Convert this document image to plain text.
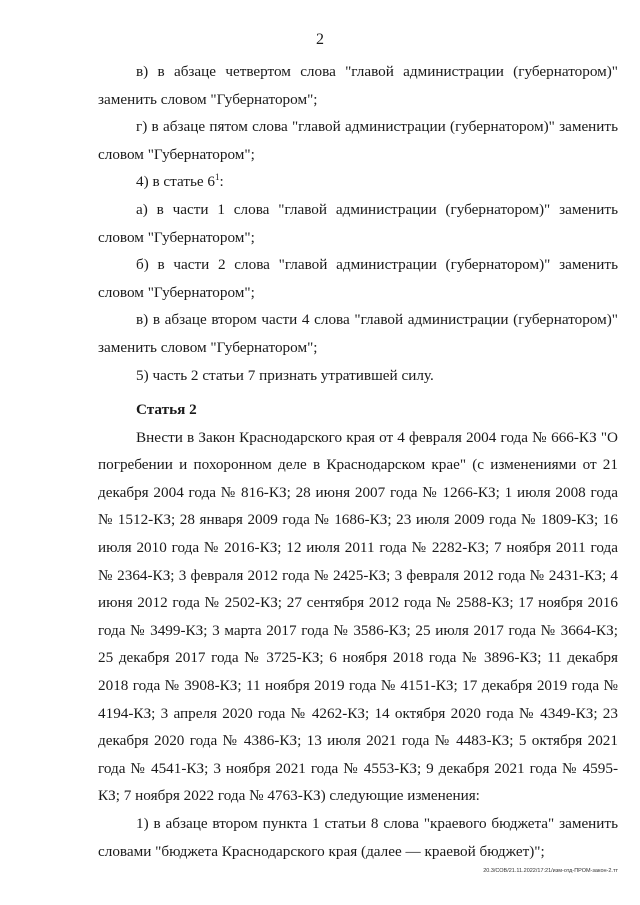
2

в) в абзаце четвертом слова "главой администрации (губернатором)" заменить словом "Губернатором";

г) в абзаце пятом слова "главой администрации (губернатором)" заменить словом "Губернатором";

4) в статье $6^1$:

а) в части 1 слова "главой администрации (губернатором)" заменить словом "Губернатором";

б) в части 2 слова "главой администрации (губернатором)" заменить словом "Губернатором";

в) в абзаце втором части 4 слова "главой администрации (губернатором)" заменить словом "Губернатором";

5) часть 2 статьи 7 признать утратившей силу.

Статья 2

Внести в Закон Краснодарского края от 4 февраля 2004 года № 666-КЗ "О погребении и похоронном деле в Краснодарском крае" (с изменениями от 21 декабря 2004 года № 816-КЗ; 28 июня 2007 года № 1266-КЗ; 1 июля 2008 года № 1512-КЗ; 28 января 2009 года № 1686-КЗ; 23 июля 2009 года № 1809-КЗ; 16 июля 2010 года № 2016-КЗ; 12 июля 2011 года № 2282-КЗ; 7 ноября 2011 года № 2364-КЗ; 3 февраля 2012 года № 2425-КЗ; 3 февраля 2012 года № 2431-КЗ; 4 июня 2012 года № 2502-КЗ; 27 сентября 2012 года № 2588-КЗ; 17 ноября 2016 года № 3499-КЗ; 3 марта 2017 года № 3586-КЗ; 25 июля 2017 года № 3664-КЗ; 25 декабря 2017 года № 3725-КЗ; 6 ноября 2018 года № 3896-КЗ; 11 декабря 2018 года № 3908-КЗ; 11 ноября 2019 года № 4151-КЗ; 17 декабря 2019 года № 4194-КЗ; 3 апреля 2020 года № 4262-КЗ; 14 октября 2020 года № 4349-КЗ; 23 декабря 2020 года № 4386-КЗ; 13 июля 2021 года № 4483-КЗ; 5 октября 2021 года № 4541-КЗ; 3 ноября 2021 года № 4553-КЗ; 9 декабря 2021 года № 4595-КЗ; 7 ноября 2022 года № 4763-КЗ) следующие изменения:

1) в абзаце втором пункта 1 статьи 8 слова "краевого бюджета" заменить словами "бюджета Краснодарского края (далее — краевой бюджет)";

20.3/СОВ/21.11.2022/17:21/изм-отд-ПРОМ-закон-2.тт
